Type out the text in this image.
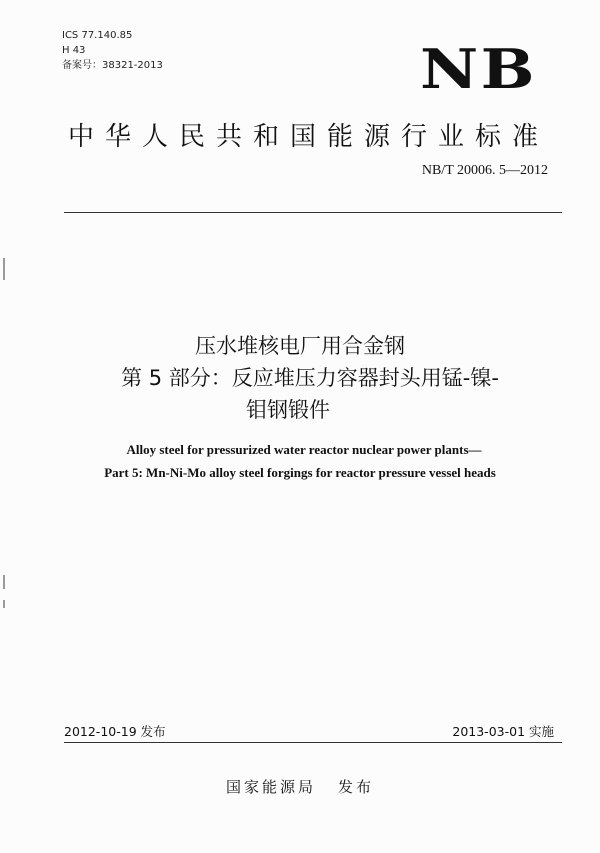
ICS 77.140.85
H 43
备案号：38321-2013	NB
中华人民共和国能源行业标准
NB/T 20006. 5—2012
压水堆核电厂用合金钢
第 5 部分：反应堆压力容器封头用锰-镍-
钼钢锻件
Alloy steel for pressurized water reactor nuclear power plants—
Part 5: Mn-Ni-Mo alloy steel forgings for reactor pressure vessel heads
2012-10-19 发布	2013-03-01 实施
国家能源局 发布
